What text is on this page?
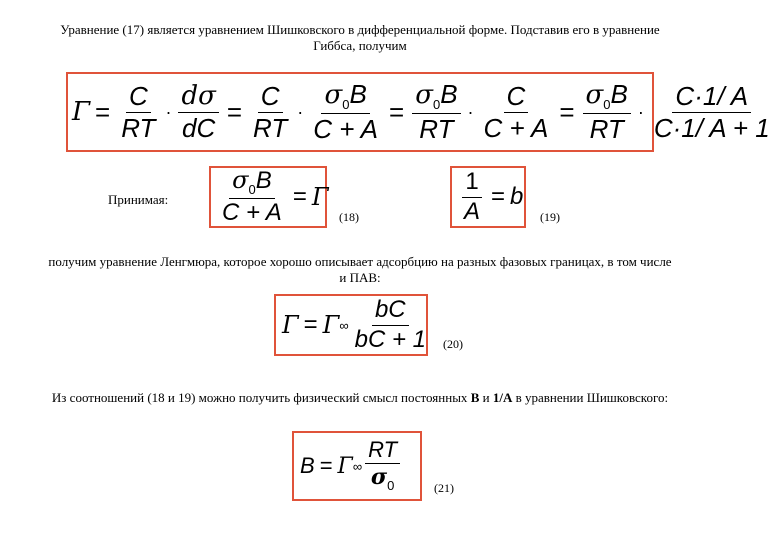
Уравнение (17) является уравнением Шишковского в дифференциальной форме. Подставив его в уравнение
Гиббса, получим
$\Gamma = \frac{C}{RT} \cdot \frac{d\sigma}{dC} = \frac{C}{RT} \cdot \frac{\sigma_0B}{C + A} = \frac{\sigma_0B}{RT} \cdot \frac{C}{C + A} = \frac{\sigma_0B}{RT} \cdot \frac{C\cdot 1/ A}{C\cdot 1/ A + 1}$
Принимая: $\frac{\sigma_0B}{C + A} = \Gamma$
(18)	$\frac{1}{A} = b$
(19)
получим уравнение Ленгмюра, которое хорошо описывает адсорбцию на разных фазовых границах, в том числе
и ПАВ:
Γ = Γ ∞ $\frac{bC}{bC + 1} (20)$
Из соотношений (18 и 19) можно получить физический смысл постоянных B и 1/A в уравнении Шишковского:
B = Γ ∞ $\frac{RT}{\sigma_0}$	(21)
